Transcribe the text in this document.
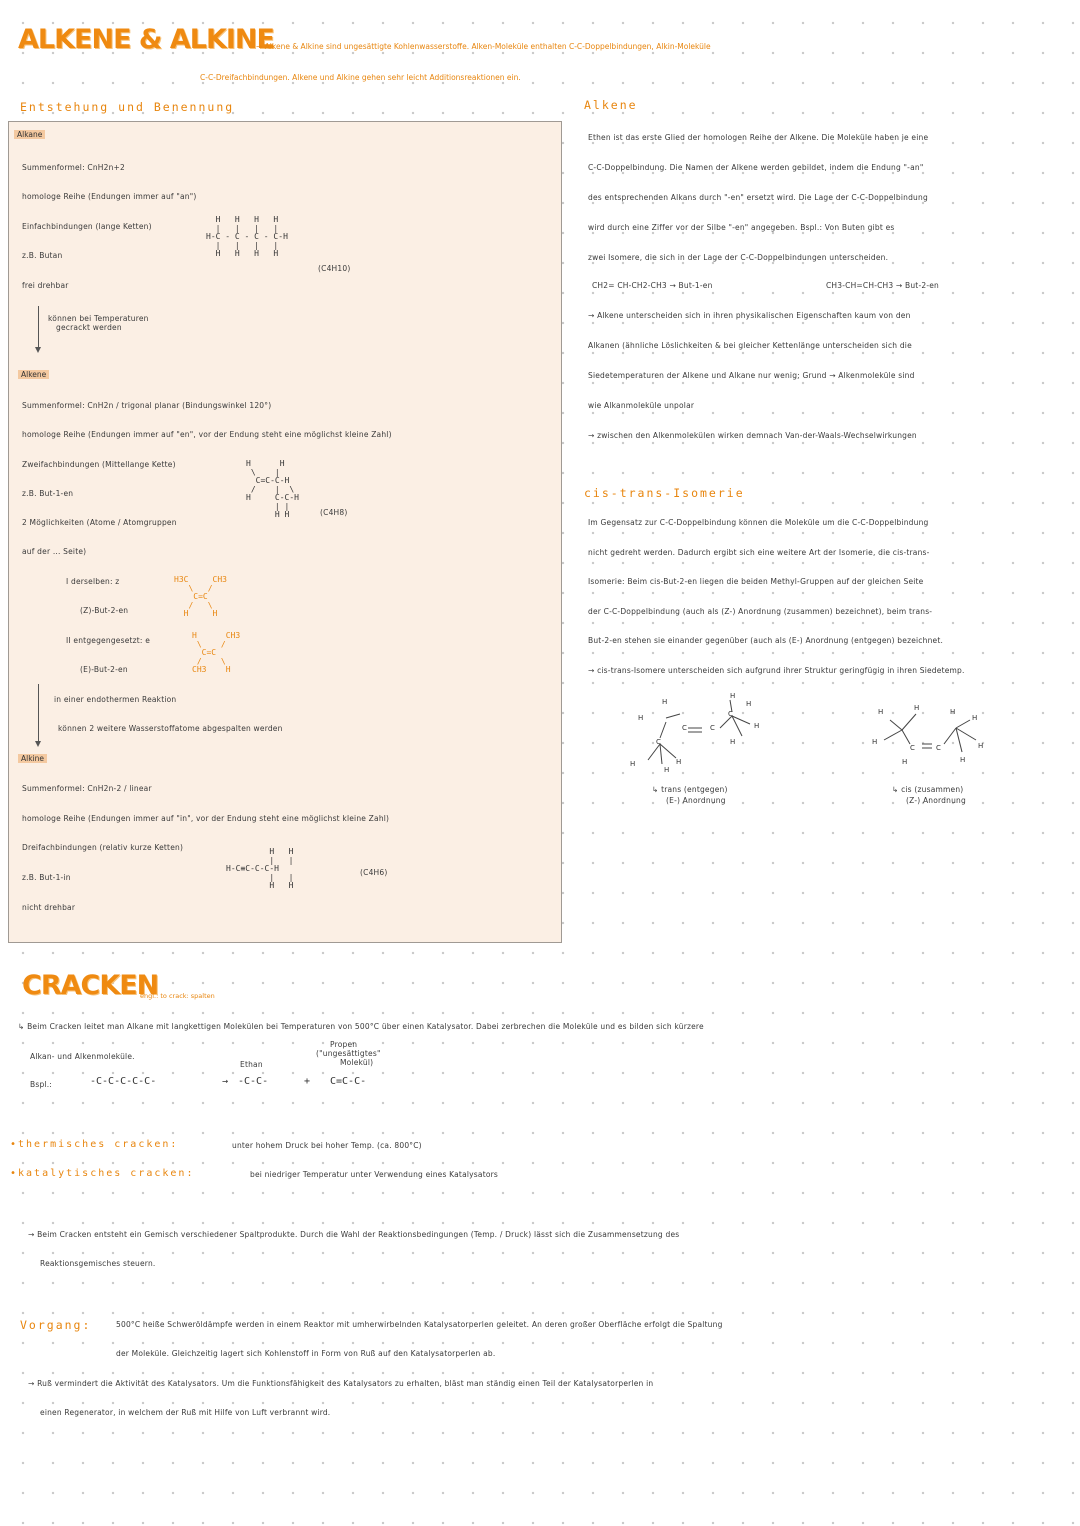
ALKENE & ALKINE
→ Alkene & Alkine sind ungesättigte Kohlenwasserstoffe. Alken-Moleküle enthalten C-C-Doppelbindungen, Alkin-Moleküle
C-C-Dreifachbindungen. Alkene und Alkine gehen sehr leicht Additionsreaktionen ein.
Entstehung und Benennung	Alkene
Alkane
Summenformel: CnH2n+2
homologe Reihe (Endungen immer auf "an")
Einfachbindungen (lange Ketten)
z.B. Butan
frei drehbar
H   H   H   H
|   |   |   |
H-C - C - C - C-H
|   |   |   |
H   H   H   H
(C4H10)
können bei Temperaturen
gecrackt werden
Alkene
Summenformel: CnH2n / trigonal planar (Bindungswinkel 120°)
homologe Reihe (Endungen immer auf "en", vor der Endung steht eine möglichst kleine Zahl)
Zweifachbindungen (Mittellange Kette)
z.B. But-1-en
H      H
\    |
C=C-C-H
/    |  \
H     C-C-H
| |
H H	(C4H8)
2 Möglichkeiten (Atome / Atomgruppen
auf der ... Seite)
I derselben: z
(Z)-But-2-en
H3C     CH3
\   /
C=C
/   \
H     H
II entgegengesetzt: e
(E)-But-2-en
H      CH3
\    /
C=C
/    \
CH3    H
in einer endothermen Reaktion
können 2 weitere Wasserstoffatome abgespalten werden
Alkine
Summenformel: CnH2n-2 / linear
homologe Reihe (Endungen immer auf "in", vor der Endung steht eine möglichst kleine Zahl)
Dreifachbindungen (relativ kurze Ketten)
z.B. But-1-in
nicht drehbar
H   H
|   |
H-C≡C-C-C-H
|   |
H   H
(C4H6)
Ethen ist das erste Glied der homologen Reihe der Alkene. Die Moleküle haben je eine
C-C-Doppelbindung. Die Namen der Alkene werden gebildet, indem die Endung "-an"
des entsprechenden Alkans durch "-en" ersetzt wird. Die Lage der C-C-Doppelbindung
wird durch eine Ziffer vor der Silbe "-en" angegeben. Bspl.: Von Buten gibt es
zwei Isomere, die sich in der Lage der C-C-Doppelbindungen unterscheiden.
CH2= CH-CH2-CH3 → But-1-en	CH3-CH=CH-CH3 → But-2-en
→ Alkene unterscheiden sich in ihren physikalischen Eigenschaften kaum von den
Alkanen (ähnliche Löslichkeiten & bei gleicher Kettenlänge unterscheiden sich die
Siedetemperaturen der Alkene und Alkane nur wenig; Grund → Alkenmoleküle sind
wie Alkanmoleküle unpolar
→ zwischen den Alkenmolekülen wirken demnach Van-der-Waals-Wechselwirkungen
cis-trans-Isomerie
Im Gegensatz zur C-C-Doppelbindung können die Moleküle um die C-C-Doppelbindung
nicht gedreht werden. Dadurch ergibt sich eine weitere Art der Isomerie, die cis-trans-
Isomerie: Beim cis-But-2-en liegen die beiden Methyl-Gruppen auf der gleichen Seite
der C-C-Doppelbindung (auch als (Z-) Anordnung (zusammen) bezeichnet), beim trans-
But-2-en stehen sie einander gegenüber (auch als (E-) Anordnung (entgegen) bezeichnet.
→ cis-trans-Isomere unterscheiden sich aufgrund ihrer Struktur geringfügig in ihren Siedetemp.
H
H
C	C
C
H	H
H
C
H
H
H
H
↳ trans (entgegen)
(E-) Anordnung
H	H
H
C	C
H
H
H
H
H
↳ cis (zusammen)
(Z-) Anordnung
CRACKEN
engl.: to crack: spalten
↳ Beim Cracken leitet man Alkane mit langkettigen Molekülen bei Temperaturen von 500°C über einen Katalysator. Dabei zerbrechen die Moleküle und es bilden sich kürzere
Alkan- und Alkenmoleküle.
Bspl.:
Ethan
Propen
("ungesättigtes"
Molekül)
-C-C-C-C-C-	→ -C-C-	+ C=C-C-
•thermisches cracken:	unter hohem Druck bei hoher Temp. (ca. 800°C)
•katalytisches cracken:	bei niedriger Temperatur unter Verwendung eines Katalysators
→ Beim Cracken entsteht ein Gemisch verschiedener Spaltprodukte. Durch die Wahl der Reaktionsbedingungen (Temp. / Druck) lässt sich die Zusammensetzung des
Reaktionsgemisches steuern.
Vorgang:	500°C heiße Schweröldämpfe werden in einem Reaktor mit umherwirbelnden Katalysatorperlen geleitet. An deren großer Oberfläche erfolgt die Spaltung
der Moleküle. Gleichzeitig lagert sich Kohlenstoff in Form von Ruß auf den Katalysatorperlen ab.
→ Ruß vermindert die Aktivität des Katalysators. Um die Funktionsfähigkeit des Katalysators zu erhalten, bläst man ständig einen Teil der Katalysatorperlen in
einen Regenerator, in welchem der Ruß mit Hilfe von Luft verbrannt wird.
